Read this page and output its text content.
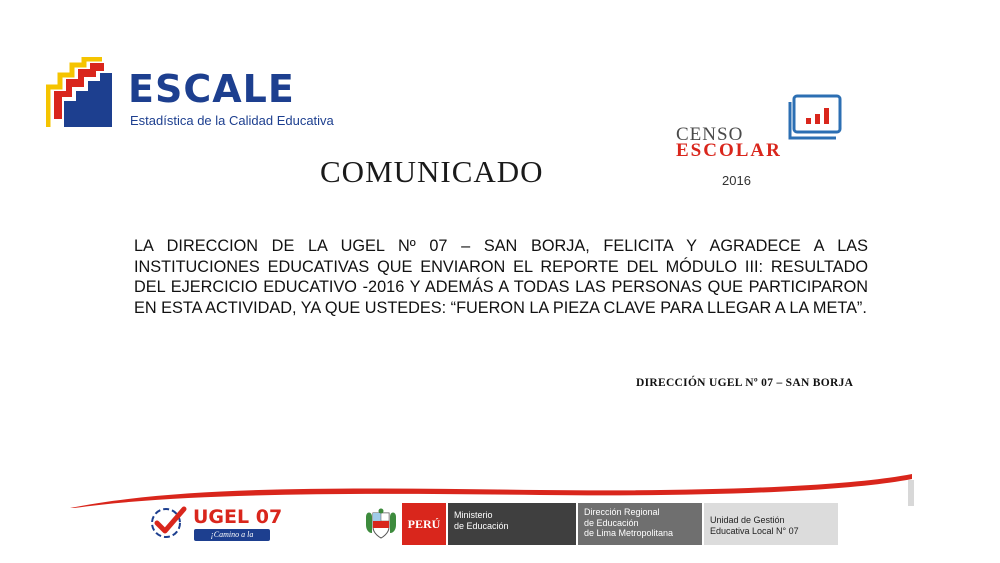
ESCALE
Estadística de la Calidad Educativa
CENSO
ESCOLAR
2016
COMUNICADO
LA DIRECCION DE LA UGEL Nº 07 – SAN BORJA, FELICITA Y AGRADECE A LAS INSTITUCIONES EDUCATIVAS QUE ENVIARON EL REPORTE DEL MÓDULO III: RESULTADO DEL EJERCICIO EDUCATIVO -2016 Y ADEMÁS A TODAS LAS PERSONAS QUE PARTICIPARON EN ESTA ACTIVIDAD, YA QUE USTEDES: “FUERON LA PIEZA CLAVE PARA LLEGAR A LA META”.
DIRECCIÓN UGEL Nº 07 – SAN BORJA
UGEL 07
¡Camino a la excelencia!
PERÚ
Ministerio
de Educación
Dirección Regional
de Educación
de Lima Metropolitana
Unidad de Gestión
Educativa Local N° 07
